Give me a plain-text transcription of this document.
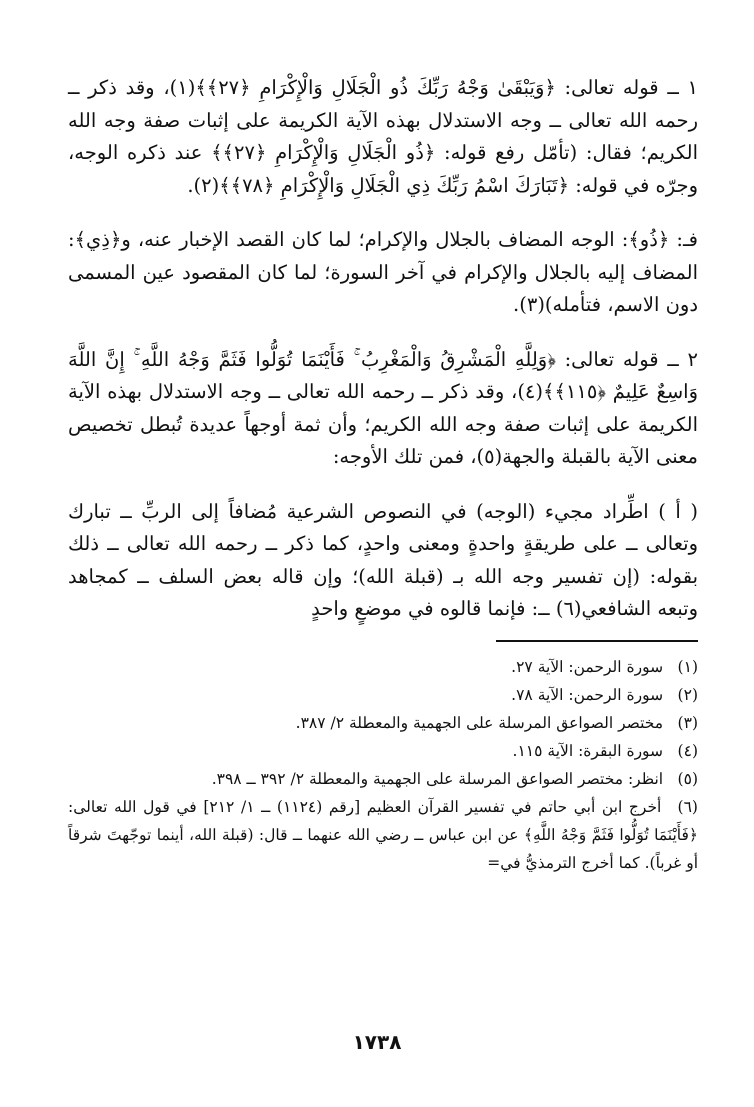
١ ــ قوله تعالى: ﴿وَيَبْقَىٰ وَجْهُ رَبِّكَ ذُو الْجَلَالِ وَالْإِكْرَامِ ﴿٢٧﴾﴾(١)، وقد ذكر ــ رحمه الله تعالى ــ وجه الاستدلال بهذه الآية الكريمة على إثبات صفة وجه الله الكريم؛ فقال: (تأمّل رفع قوله: ﴿ذُو الْجَلَالِ وَالْإِكْرَامِ ﴿٢٧﴾﴾ عند ذكره الوجه، وجرّه في قوله: ﴿تَبَارَكَ اسْمُ رَبِّكَ ذِي الْجَلَالِ وَالْإِكْرَامِ ﴿٧٨﴾﴾(٢).

فـ: ﴿ذُو﴾: الوجه المضاف بالجلال والإكرام؛ لما كان القصد الإخبار عنه، و﴿ذِي﴾: المضاف إليه بالجلال والإكرام في آخر السورة؛ لما كان المقصود عين المسمى دون الاسم، فتأمله)(٣).

٢ ــ قوله تعالى: ﴿وَلِلَّهِ الْمَشْرِقُ وَالْمَغْرِبُ ۚ فَأَيْنَمَا تُوَلُّوا فَثَمَّ وَجْهُ اللَّهِ ۚ إِنَّ اللَّهَ وَاسِعٌ عَلِيمٌ ﴿١١٥﴾﴾(٤)، وقد ذكر ــ رحمه الله تعالى ــ وجه الاستدلال بهذه الآية الكريمة على إثبات صفة وجه الله الكريم؛ وأن ثمة أوجهاً عديدة تُبطل تخصيص معنى الآية بالقبلة والجهة(٥)، فمن تلك الأوجه:

( أ ) اطِّراد مجيء (الوجه) في النصوص الشرعية مُضافاً إلى الربِّ ــ تبارك وتعالى ــ على طريقةٍ واحدةٍ ومعنى واحدٍ، كما ذكر ــ رحمه الله تعالى ــ ذلك بقوله: (إن تفسير وجه الله بـ (قبلة الله)؛ وإن قاله بعض السلف ــ كمجاهد وتبعه الشافعي(٦) ــ: فإنما قالوه في موضعٍ واحدٍ

(١) سورة الرحمن: الآية ٢٧.
(٢) سورة الرحمن: الآية ٧٨.
(٣) مختصر الصواعق المرسلة على الجهمية والمعطلة ٢/ ٣٨٧.
(٤) سورة البقرة: الآية ١١٥.
(٥) انظر: مختصر الصواعق المرسلة على الجهمية والمعطلة ٢/ ٣٩٢ ــ ٣٩٨.
(٦) أخرج ابن أبي حاتم في تفسير القرآن العظيم [رقم (١١٢٤) ــ ١/ ٢١٢] في قول الله تعالى: ﴿فَأَيْنَمَا تُوَلُّوا فَثَمَّ وَجْهُ اللَّهِ﴾ عن ابن عباس ــ رضي الله عنهما ــ قال: (قبلة الله، أينما توجّهتَ شرقاً أو غرباً). كما أخرج الترمذيُّ في=
١٧٣٨
